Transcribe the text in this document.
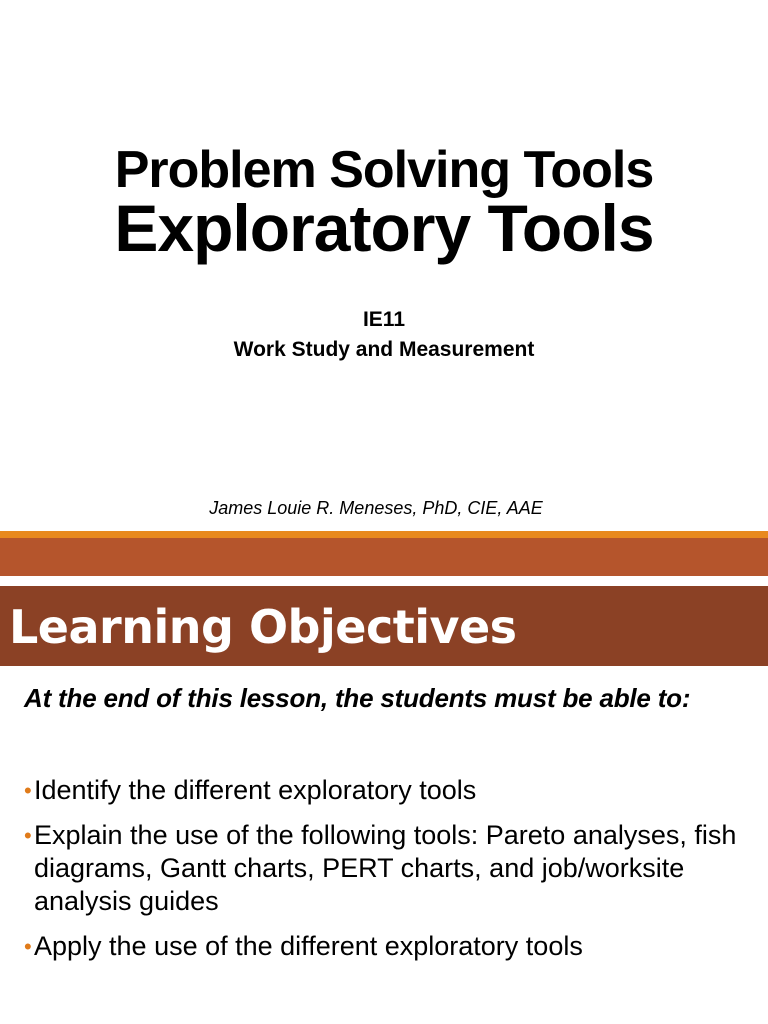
Problem Solving Tools
Exploratory Tools
IE11
Work Study and Measurement
James Louie R. Meneses, PhD, CIE, AAE
Learning Objectives
At the end of this lesson, the students must be able to:
• Identify the different exploratory tools
• Explain the use of the following tools: Pareto analyses, fish diagrams, Gantt charts, PERT charts, and job/worksite analysis guides
• Apply the use of the different exploratory tools
